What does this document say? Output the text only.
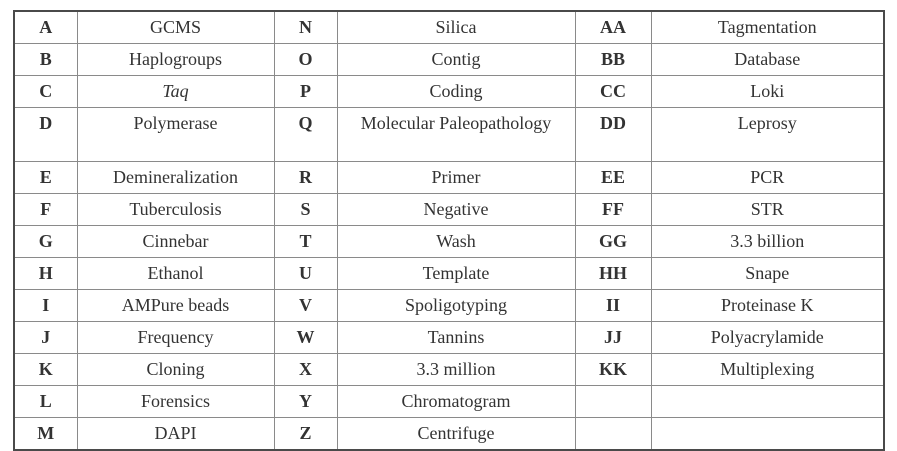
A	GCMS	N	Silica	AA	Tagmentation
B	Haplogroups	O	Contig	BB	Database
C	Taq	P	Coding	CC	Loki
D	Polymerase	Q	Molecular Paleopathology	DD	Leprosy
E	Demineralization	R	Primer	EE	PCR
F	Tuberculosis	S	Negative	FF	STR
G	Cinnebar	T	Wash	GG	3.3 billion
H	Ethanol	U	Template	HH	Snape
I	AMPure beads	V	Spoligotyping	II	Proteinase K
J	Frequency	W	Tannins	JJ	Polyacrylamide
K	Cloning	X	3.3 million	KK	Multiplexing
L	Forensics	Y	Chromatogram		
M	DAPI	Z	Centrifuge		
